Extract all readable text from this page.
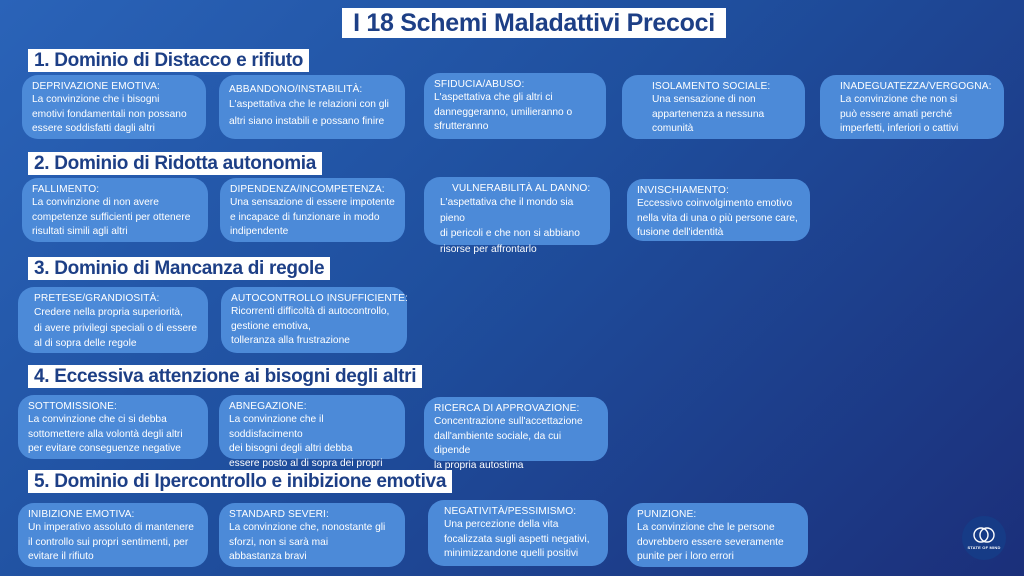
I 18 Schemi Maladattivi Precoci
1. Dominio di Distacco e rifiuto
DEPRIVAZIONE EMOTIVA:
La convinzione che i bisogni
emotivi fondamentali non possano
essere soddisfatti dagli altri
ABBANDONO/INSTABILITÀ:
L'aspettativa che le relazioni con gli
altri siano instabili e possano finire
SFIDUCIA/ABUSO:
L'aspettativa che gli altri ci
danneggeranno, umilieranno o
sfrutteranno
ISOLAMENTO SOCIALE:
Una sensazione di non
appartenenza a nessuna
comunità
INADEGUATEZZA/VERGOGNA:
La convinzione che non si
può essere amati perché
imperfetti, inferiori o cattivi
2. Dominio di Ridotta autonomia
FALLIMENTO:
La convinzione di non avere
competenze sufficienti per ottenere
risultati simili agli altri
DIPENDENZA/INCOMPETENZA:
Una sensazione di essere impotente
e incapace di funzionare in modo
indipendente
VULNERABILITÀ AL DANNO:
L'aspettativa che il mondo sia pieno
di pericoli e che non si abbiano
risorse per affrontarlo
INVISCHIAMENTO:
Eccessivo coinvolgimento emotivo
nella vita di una o più persone care,
fusione dell'identità
3. Dominio di Mancanza di regole
PRETESE/GRANDIOSITÀ:
Credere nella propria superiorità,
di avere privilegi speciali o di essere
al di sopra delle regole
AUTOCONTROLLO INSUFFICIENTE:
Ricorrenti difficoltà di autocontrollo,
gestione emotiva,
tolleranza alla frustrazione
4. Eccessiva attenzione ai bisogni degli altri
SOTTOMISSIONE:
La convinzione che ci si debba
sottomettere alla volontà degli altri
per evitare conseguenze negative
ABNEGAZIONE:
La convinzione che il soddisfacimento
dei bisogni degli altri debba
essere posto al di sopra dei propri
RICERCA DI APPROVAZIONE:
Concentrazione sull'accettazione
dall'ambiente sociale, da cui dipende
la propria autostima
5. Dominio di Ipercontrollo e inibizione emotiva
INIBIZIONE EMOTIVA:
Un imperativo assoluto di mantenere
il controllo sui propri sentimenti, per
evitare il rifiuto
STANDARD SEVERI:
La convinzione che, nonostante gli
sforzi, non si sarà mai
abbastanza bravi
NEGATIVITÀ/PESSIMISMO:
Una percezione della vita
focalizzata sugli aspetti negativi,
minimizzandone quelli positivi
PUNIZIONE:
La convinzione che le persone
dovrebbero essere severamente
punite per i loro errori
STATE OF MIND
